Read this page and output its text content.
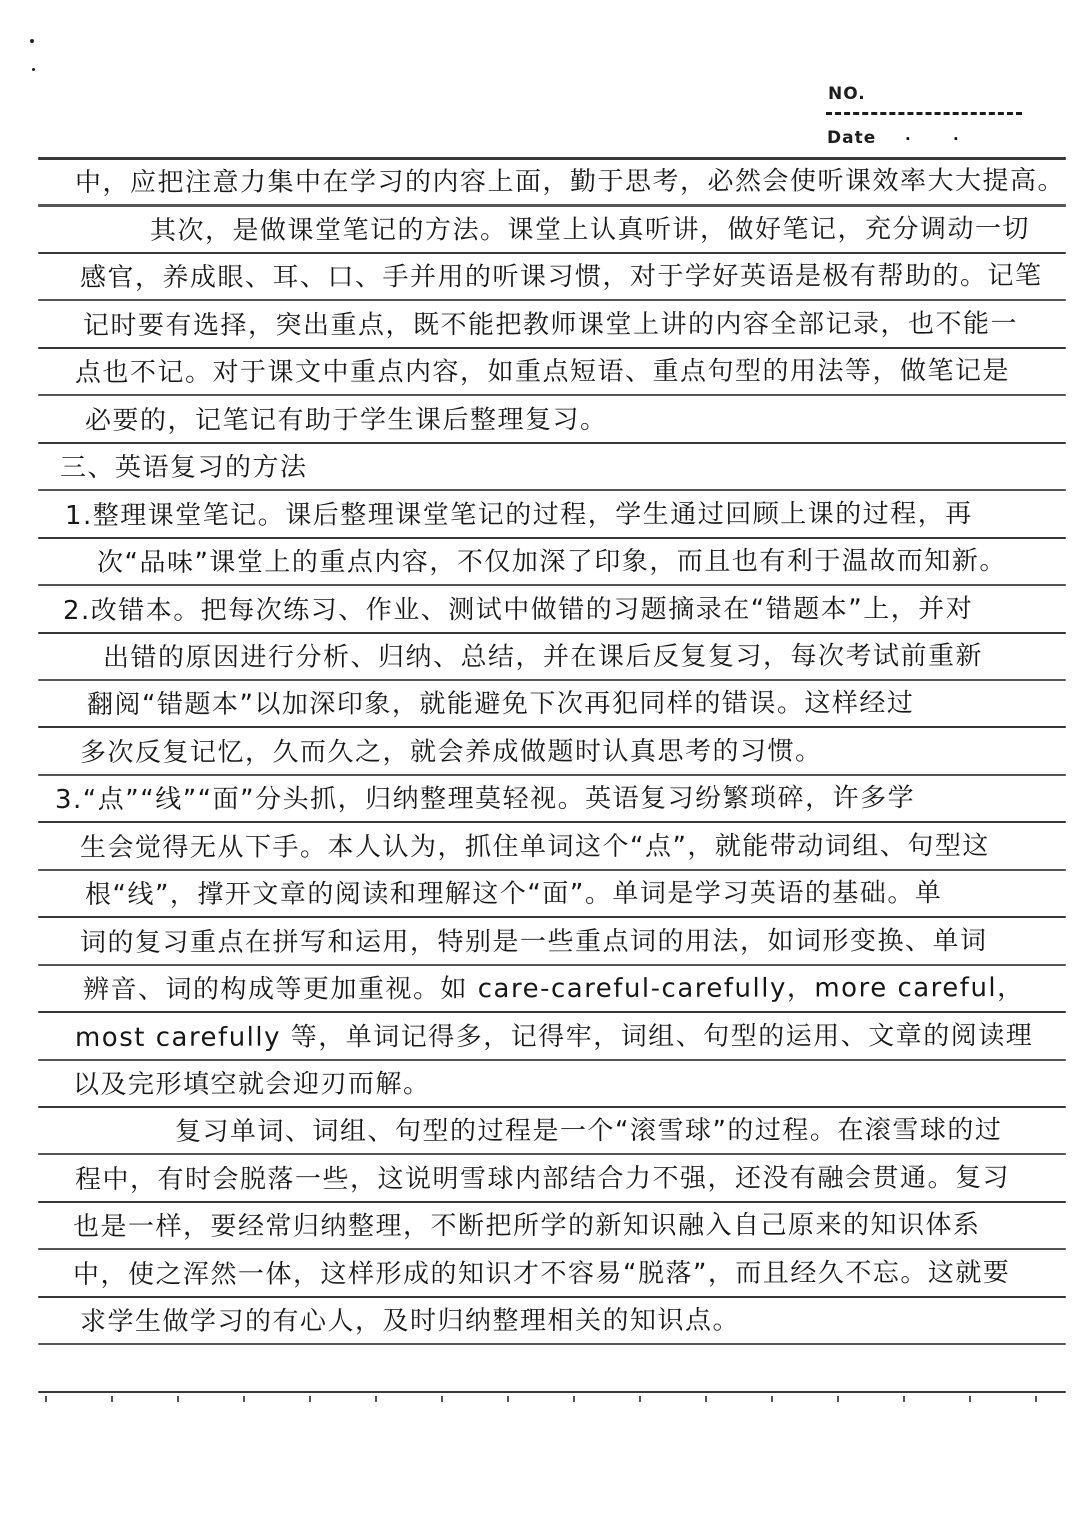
NO.
Date ·	·
中，应把注意力集中在学习的内容上面，勤于思考，必然会使听课效率大大提高。
其次，是做课堂笔记的方法。课堂上认真听讲，做好笔记，充分调动一切
感官，养成眼、耳、口、手并用的听课习惯，对于学好英语是极有帮助的。记笔
记时要有选择，突出重点，既不能把教师课堂上讲的内容全部记录，也不能一
点也不记。对于课文中重点内容，如重点短语、重点句型的用法等，做笔记是
必要的，记笔记有助于学生课后整理复习。
三、英语复习的方法
1.整理课堂笔记。课后整理课堂笔记的过程，学生通过回顾上课的过程，再
次“品味”课堂上的重点内容，不仅加深了印象，而且也有利于温故而知新。
2.改错本。把每次练习、作业、测试中做错的习题摘录在“错题本”上，并对
出错的原因进行分析、归纳、总结，并在课后反复复习，每次考试前重新
翻阅“错题本”以加深印象，就能避免下次再犯同样的错误。这样经过
多次反复记忆，久而久之，就会养成做题时认真思考的习惯。
3.“点”“线”“面”分头抓，归纳整理莫轻视。英语复习纷繁琐碎，许多学
生会觉得无从下手。本人认为，抓住单词这个“点”，就能带动词组、句型这
根“线”，撑开文章的阅读和理解这个“面”。单词是学习英语的基础。单
词的复习重点在拼写和运用，特别是一些重点词的用法，如词形变换、单词
辨音、词的构成等更加重视。如 care-careful-carefully，more careful，
most carefully 等，单词记得多，记得牢，词组、句型的运用、文章的阅读理
以及完形填空就会迎刃而解。
复习单词、词组、句型的过程是一个“滚雪球”的过程。在滚雪球的过
程中，有时会脱落一些，这说明雪球内部结合力不强，还没有融会贯通。复习
也是一样，要经常归纳整理，不断把所学的新知识融入自己原来的知识体系
中，使之浑然一体，这样形成的知识才不容易“脱落”，而且经久不忘。这就要
求学生做学习的有心人，及时归纳整理相关的知识点。
